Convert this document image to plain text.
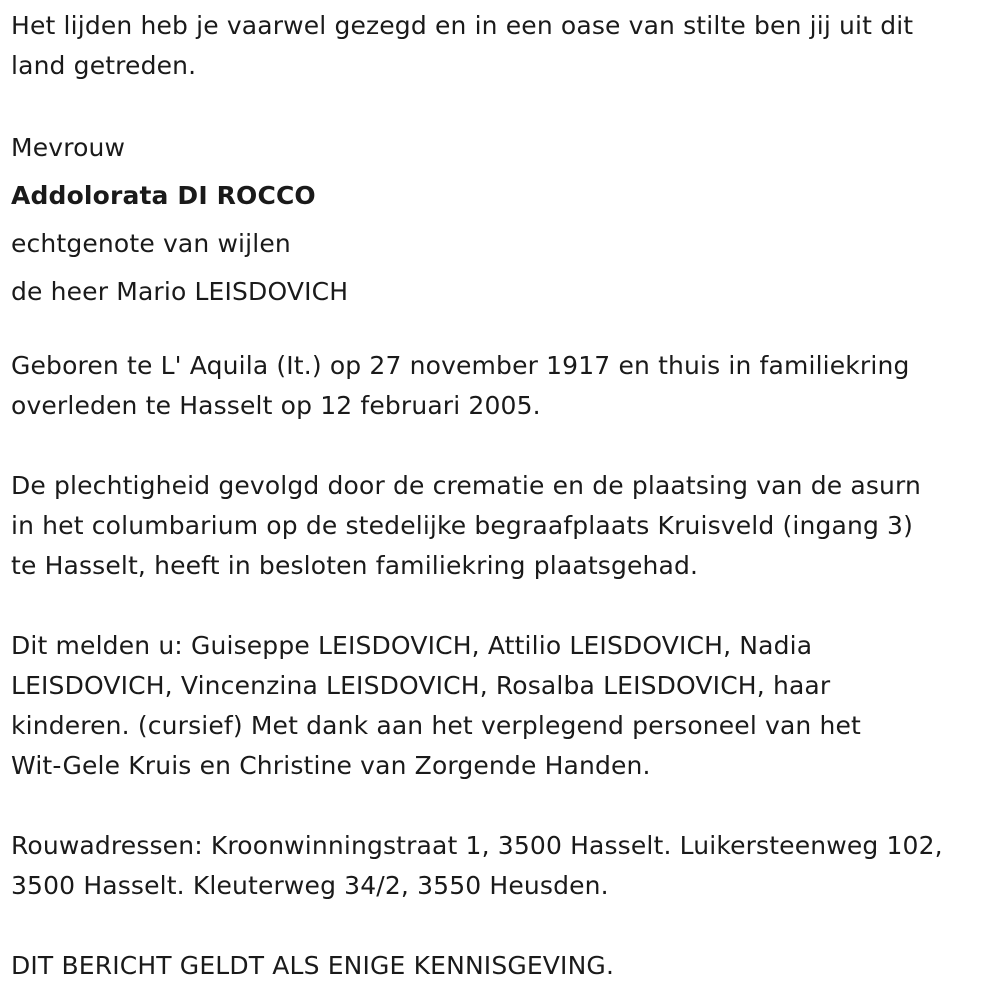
Het lijden heb je vaarwel gezegd en in een oase van stilte ben jij uit dit
land getreden.

Mevrouw
Addolorata DI ROCCO
echtgenote van wijlen
de heer Mario LEISDOVICH

Geboren te L' Aquila (It.) op 27 november 1917 en thuis in familiekring
overleden te Hasselt op 12 februari 2005.

De plechtigheid gevolgd door de crematie en de plaatsing van de asurn
in het columbarium op de stedelijke begraafplaats Kruisveld (ingang 3)
te Hasselt, heeft in besloten familiekring plaatsgehad.

Dit melden u: Guiseppe LEISDOVICH, Attilio LEISDOVICH, Nadia
LEISDOVICH, Vincenzina LEISDOVICH, Rosalba LEISDOVICH, haar
kinderen. (cursief) Met dank aan het verplegend personeel van het
Wit-Gele Kruis en Christine van Zorgende Handen.

Rouwadressen: Kroonwinningstraat 1, 3500 Hasselt. Luikersteenweg 102,
3500 Hasselt. Kleuterweg 34/2, 3550 Heusden.

DIT BERICHT GELDT ALS ENIGE KENNISGEVING.
